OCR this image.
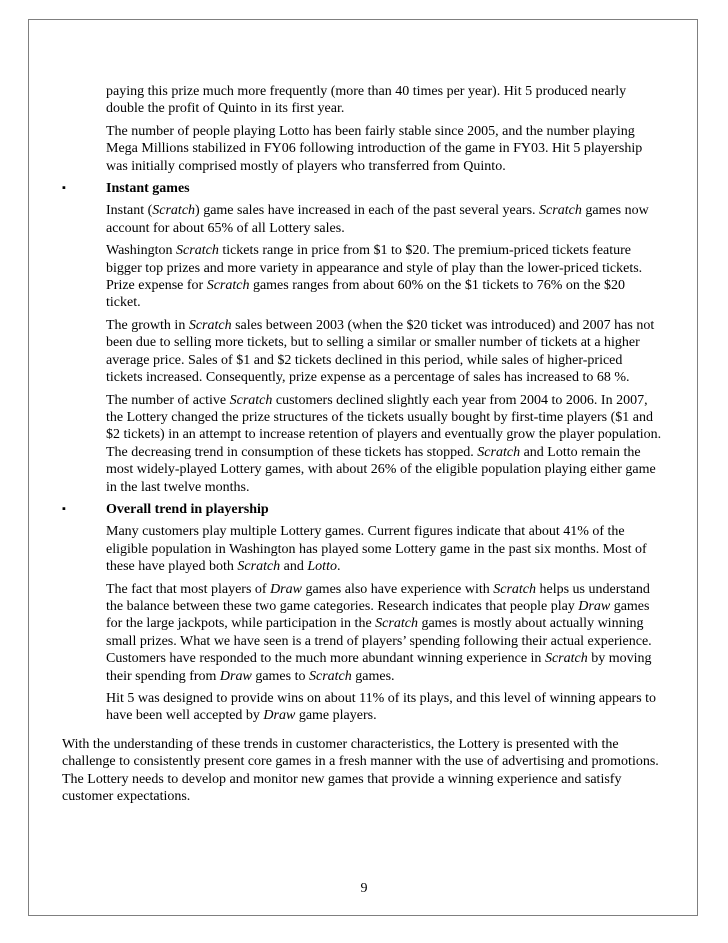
paying this prize much more frequently (more than 40 times per year). Hit 5 produced nearly double the profit of Quinto in its first year.

The number of people playing Lotto has been fairly stable since 2005, and the number playing Mega Millions stabilized in FY06 following introduction of the game in FY03. Hit 5 playership was initially comprised mostly of players who transferred from Quinto.

▪	Instant games

Instant (Scratch) game sales have increased in each of the past several years. Scratch games now account for about 65% of all Lottery sales.

Washington Scratch tickets range in price from $1 to $20. The premium-priced tickets feature bigger top prizes and more variety in appearance and style of play than the lower-priced tickets. Prize expense for Scratch games ranges from about 60% on the $1 tickets to 76% on the $20 ticket.

The growth in Scratch sales between 2003 (when the $20 ticket was introduced) and 2007 has not been due to selling more tickets, but to selling a similar or smaller number of tickets at a higher average price. Sales of $1 and $2 tickets declined in this period, while sales of higher-priced tickets increased. Consequently, prize expense as a percentage of sales has increased to 68 %.

The number of active Scratch customers declined slightly each year from 2004 to 2006. In 2007, the Lottery changed the prize structures of the tickets usually bought by first-time players ($1 and $2 tickets) in an attempt to increase retention of players and eventually grow the player population. The decreasing trend in consumption of these tickets has stopped. Scratch and Lotto remain the most widely-played Lottery games, with about 26% of the eligible population playing either game in the last twelve months.

▪	Overall trend in playership

Many customers play multiple Lottery games. Current figures indicate that about 41% of the eligible population in Washington has played some Lottery game in the past six months. Most of these have played both Scratch and Lotto.

The fact that most players of Draw games also have experience with Scratch helps us understand the balance between these two game categories. Research indicates that people play Draw games for the large jackpots, while participation in the Scratch games is mostly about actually winning small prizes. What we have seen is a trend of players’ spending following their actual experience. Customers have responded to the much more abundant winning experience in Scratch by moving their spending from Draw games to Scratch games.

Hit 5 was designed to provide wins on about 11% of its plays, and this level of winning appears to have been well accepted by Draw game players.

With the understanding of these trends in customer characteristics, the Lottery is presented with the challenge to consistently present core games in a fresh manner with the use of advertising and promotions. The Lottery needs to develop and monitor new games that provide a winning experience and satisfy customer expectations.

9
